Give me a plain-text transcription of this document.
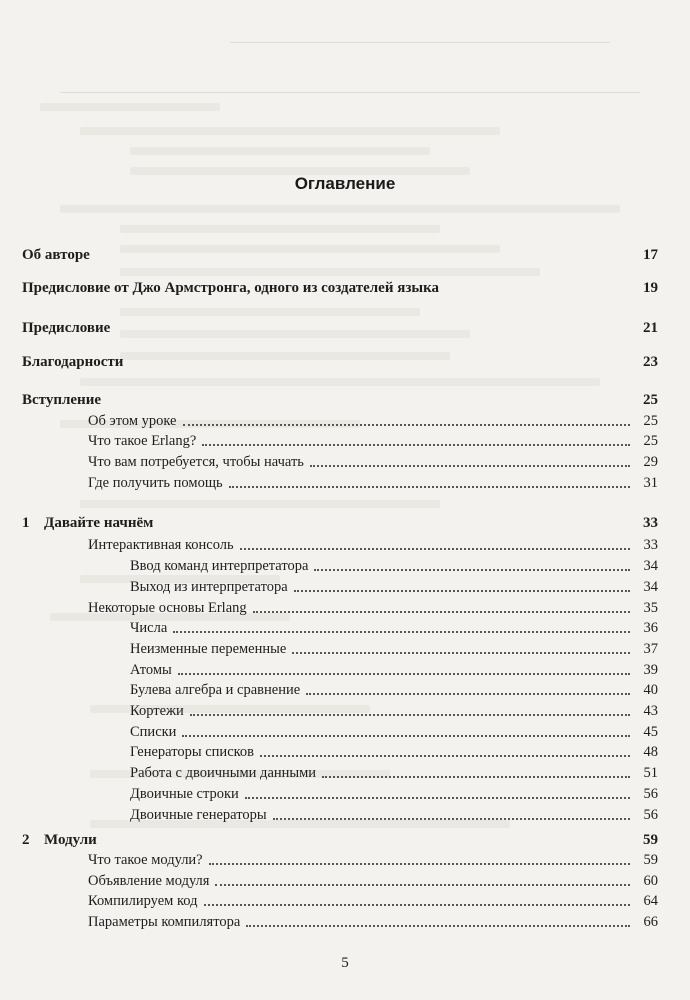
Оглавление
Об авторе	17
Предисловие от Джо Армстронга, одного из создателей языка	19
Предисловие	21
Благодарности	23
Вступление	25
Об этом уроке	25
Что такое Erlang?	25
Что вам потребуется, чтобы начать	29
Где получить помощь	31
1 Давайте начнём	33
Интерактивная консоль	33
Ввод команд интерпретатора	34
Выход из интерпретатора	34
Некоторые основы Erlang	35
Числа	36
Неизменные переменные	37
Атомы	39
Булева алгебра и сравнение	40
Кортежи	43
Списки	45
Генераторы списков	48
Работа с двоичными данными	51
Двоичные строки	56
Двоичные генераторы	56
2 Модули	59
Что такое модули?	59
Объявление модуля	60
Компилируем код	64
Параметры компилятора	66
5
